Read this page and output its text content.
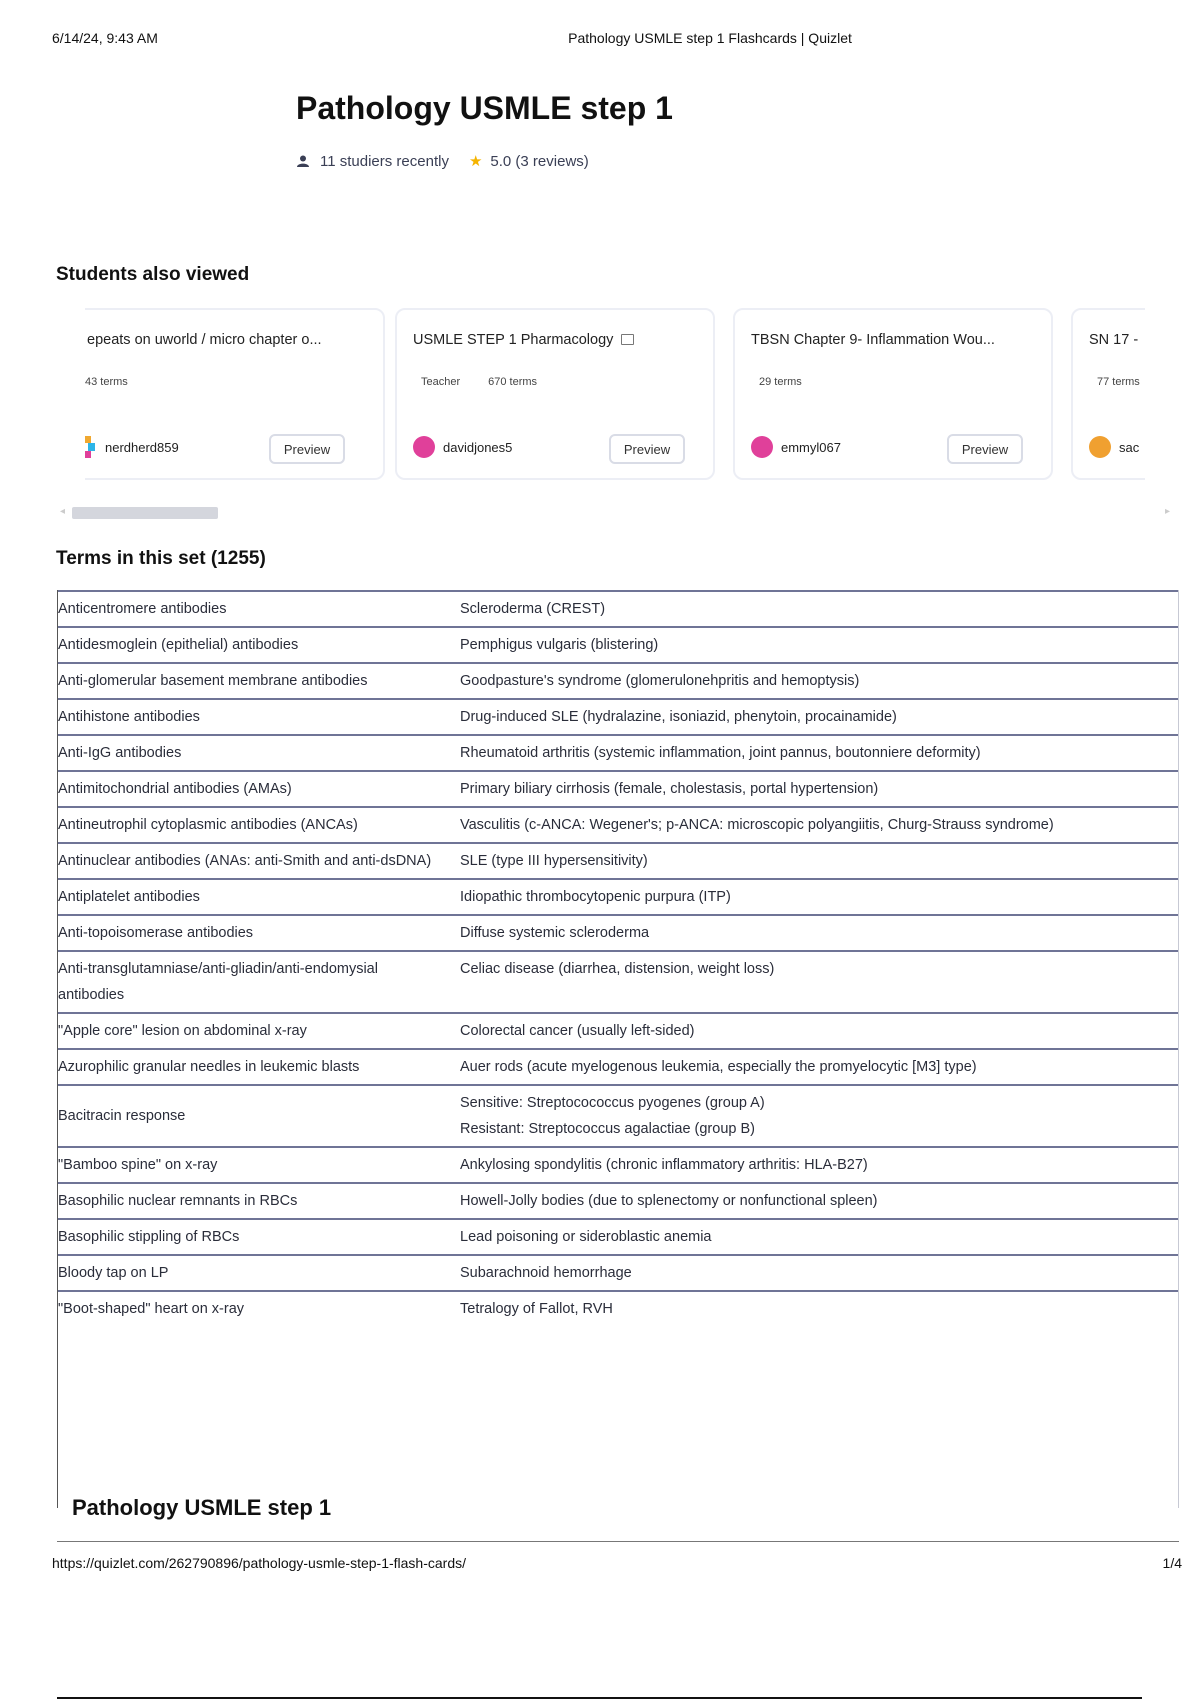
6/14/24, 9:43 AM	Pathology USMLE step 1 Flashcards | Quizlet
Pathology USMLE step 1
11 studiers recently ★ 5.0 (3 reviews)
Students also viewed
epeats on uworld / micro chapter o...
43 terms
nerdherd859	Preview
USMLE STEP 1 Pharmacology
Teacher	670 terms
davidjones5	Preview
TBSN Chapter 9- Inflammation Wou...
29 terms
emmyl067	Preview
SN 17 -
77 terms
sac
◂	▸
Terms in this set (1255)
Anticentromere antibodies	Scleroderma (CREST)
Antidesmoglein (epithelial) antibodies	Pemphigus vulgaris (blistering)
Anti-glomerular basement membrane antibodies	Goodpasture's syndrome (glomerulonehpritis and hemoptysis)
Antihistone antibodies	Drug-induced SLE (hydralazine, isoniazid, phenytoin, procainamide)
Anti-IgG antibodies	Rheumatoid arthritis (systemic inflammation, joint pannus, boutonniere deformity)
Antimitochondrial antibodies (AMAs)	Primary biliary cirrhosis (female, cholestasis, portal hypertension)
Antineutrophil cytoplasmic antibodies (ANCAs)	Vasculitis (c-ANCA: Wegener's; p-ANCA: microscopic polyangiitis, Churg-Strauss syndrome)
Antinuclear antibodies (ANAs: anti-Smith and anti-dsDNA)	SLE (type III hypersensitivity)
Antiplatelet antibodies	Idiopathic thrombocytopenic purpura (ITP)
Anti-topoisomerase antibodies	Diffuse systemic scleroderma
Anti-transglutamniase/anti-gliadin/anti-endomysial antibodies	Celiac disease (diarrhea, distension, weight loss)
"Apple core" lesion on abdominal x-ray	Colorectal cancer (usually left-sided)
Azurophilic granular needles in leukemic blasts	Auer rods (acute myelogenous leukemia, especially the promyelocytic [M3] type)
Bacitracin response	Sensitive: Streptocococcus pyogenes (group A)
Resistant: Streptococcus agalactiae (group B)

"Bamboo spine" on x-ray	Ankylosing spondylitis (chronic inflammatory arthritis: HLA-B27)
Basophilic nuclear remnants in RBCs	Howell-Jolly bodies (due to splenectomy or nonfunctional spleen)
Basophilic stippling of RBCs	Lead poisoning or sideroblastic anemia
Bloody tap on LP	Subarachnoid hemorrhage
"Boot-shaped" heart on x-ray	Tetralogy of Fallot, RVH
Pathology USMLE step 1
https://quizlet.com/262790896/pathology-usmle-step-1-flash-cards/	1/4
